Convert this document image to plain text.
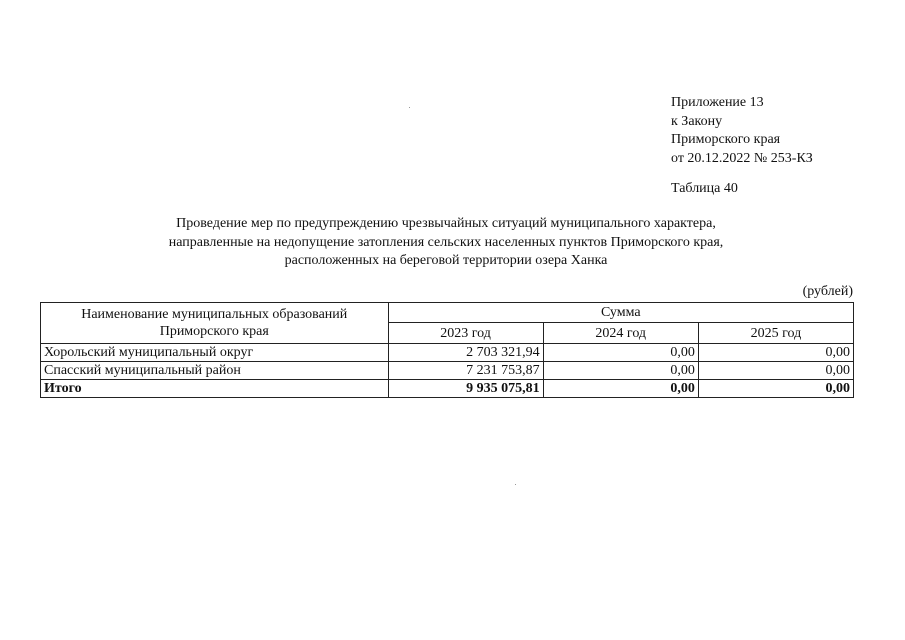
Приложение 13
к Закону
Приморского края
от 20.12.2022 № 253-КЗ
Таблица 40
Проведение мер по предупреждению чрезвычайных ситуаций муниципального характера,
направленные на недопущение затопления сельских населенных пунктов Приморского края,
расположенных на береговой территории озера Ханка
(рублей)
Наименование муниципальных образований Приморского края	Сумма		
	2023 год	2024 год	2025 год
Хорольский муниципальный округ	2 703 321,94	0,00	0,00
Спасский муниципальный район	7 231 753,87	0,00	0,00
Итого	9 935 075,81	0,00	0,00
